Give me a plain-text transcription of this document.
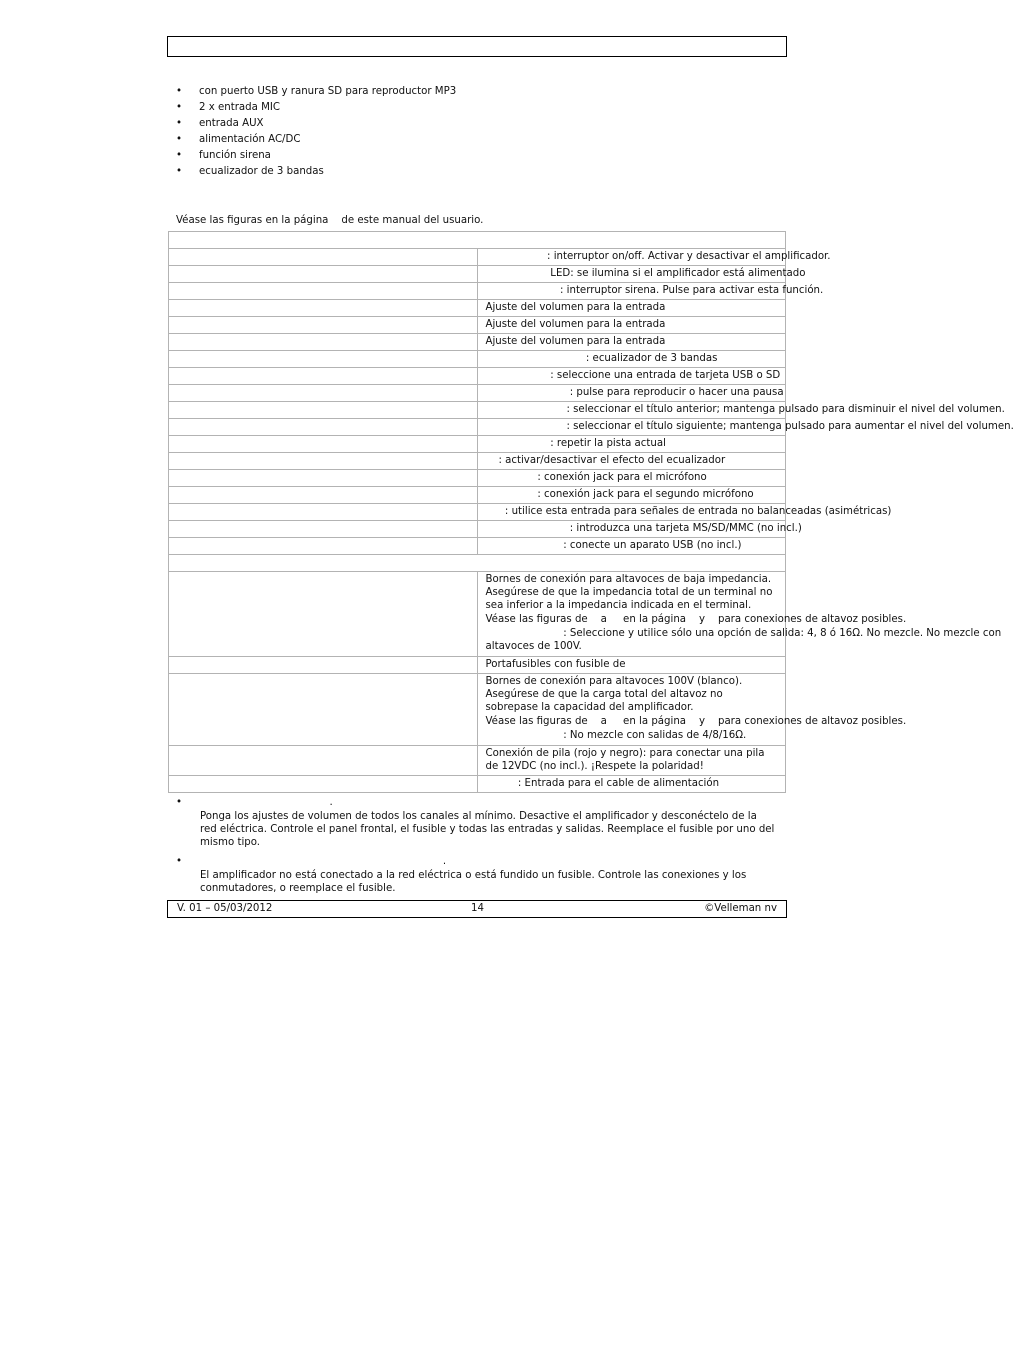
• con puerto USB y ranura SD para reproductor MP3
• 2 x entrada MIC
• entrada AUX
• alimentación AC/DC
• función sirena
• ecualizador de 3 bandas
Véase las figuras en la página    de este manual del usuario.

	: interruptor on/off. Activar y desactivar el amplificador.
	LED: se ilumina si el amplificador está alimentado
	: interruptor sirena. Pulse para activar esta función.
	Ajuste del volumen para la entrada
	Ajuste del volumen para la entrada
	Ajuste del volumen para la entrada
	: ecualizador de 3 bandas
	: seleccione una entrada de tarjeta USB o SD
	: pulse para reproducir o hacer una pausa
	: seleccionar el título anterior; mantenga pulsado para disminuir el nivel del volumen.
	: seleccionar el título siguiente; mantenga pulsado para aumentar el nivel del volumen.
	: repetir la pista actual
	: activar/desactivar el efecto del ecualizador
	: conexión jack para el micrófono
	: conexión jack para el segundo micrófono
	: utilice esta entrada para señales de entrada no balanceadas (asimétricas)
	: introduzca una tarjeta MS/SD/MMC (no incl.)
	: conecte un aparato USB (no incl.)

	Bornes de conexión para altavoces de baja impedancia. Asegúrese de que la impedancia total de un terminal no sea inferior a la impedancia indicada en el terminal.

Véase las figuras de    a     en la página    y    para conexiones de altavoz posibles.

: Seleccione y utilice sólo una opción de salida: 4, 8 ó 16Ω. No mezcle. No mezcle con

altavoces de 100V.

	Portafusibles con fusible de

	Bornes de conexión para altavoces 100V (blanco). Asegúrese de que la carga total del altavoz no sobrepase la capacidad del amplificador.

Véase las figuras de    a     en la página    y    para conexiones de altavoz posibles.

: No mezcle con salidas de 4/8/16Ω.

	Conexión de pila (rojo y negro): para conectar una pila de 12VDC (no incl.). ¡Respete la polaridad!
	: Entrada para el cable de alimentación
•                                         .
Ponga los ajustes de volumen de todos los canales al mínimo. Desactive el amplificador y desconéctelo de la red eléctrica. Controle el panel frontal, el fusible y todas las entradas y salidas. Reemplace el fusible por uno del mismo tipo.
•                                                                            .
El amplificador no está conectado a la red eléctrica o está fundido un fusible. Controle las conexiones y los conmutadores, o reemplace el fusible.
V. 01 – 05/03/2012	14	©Velleman nv
